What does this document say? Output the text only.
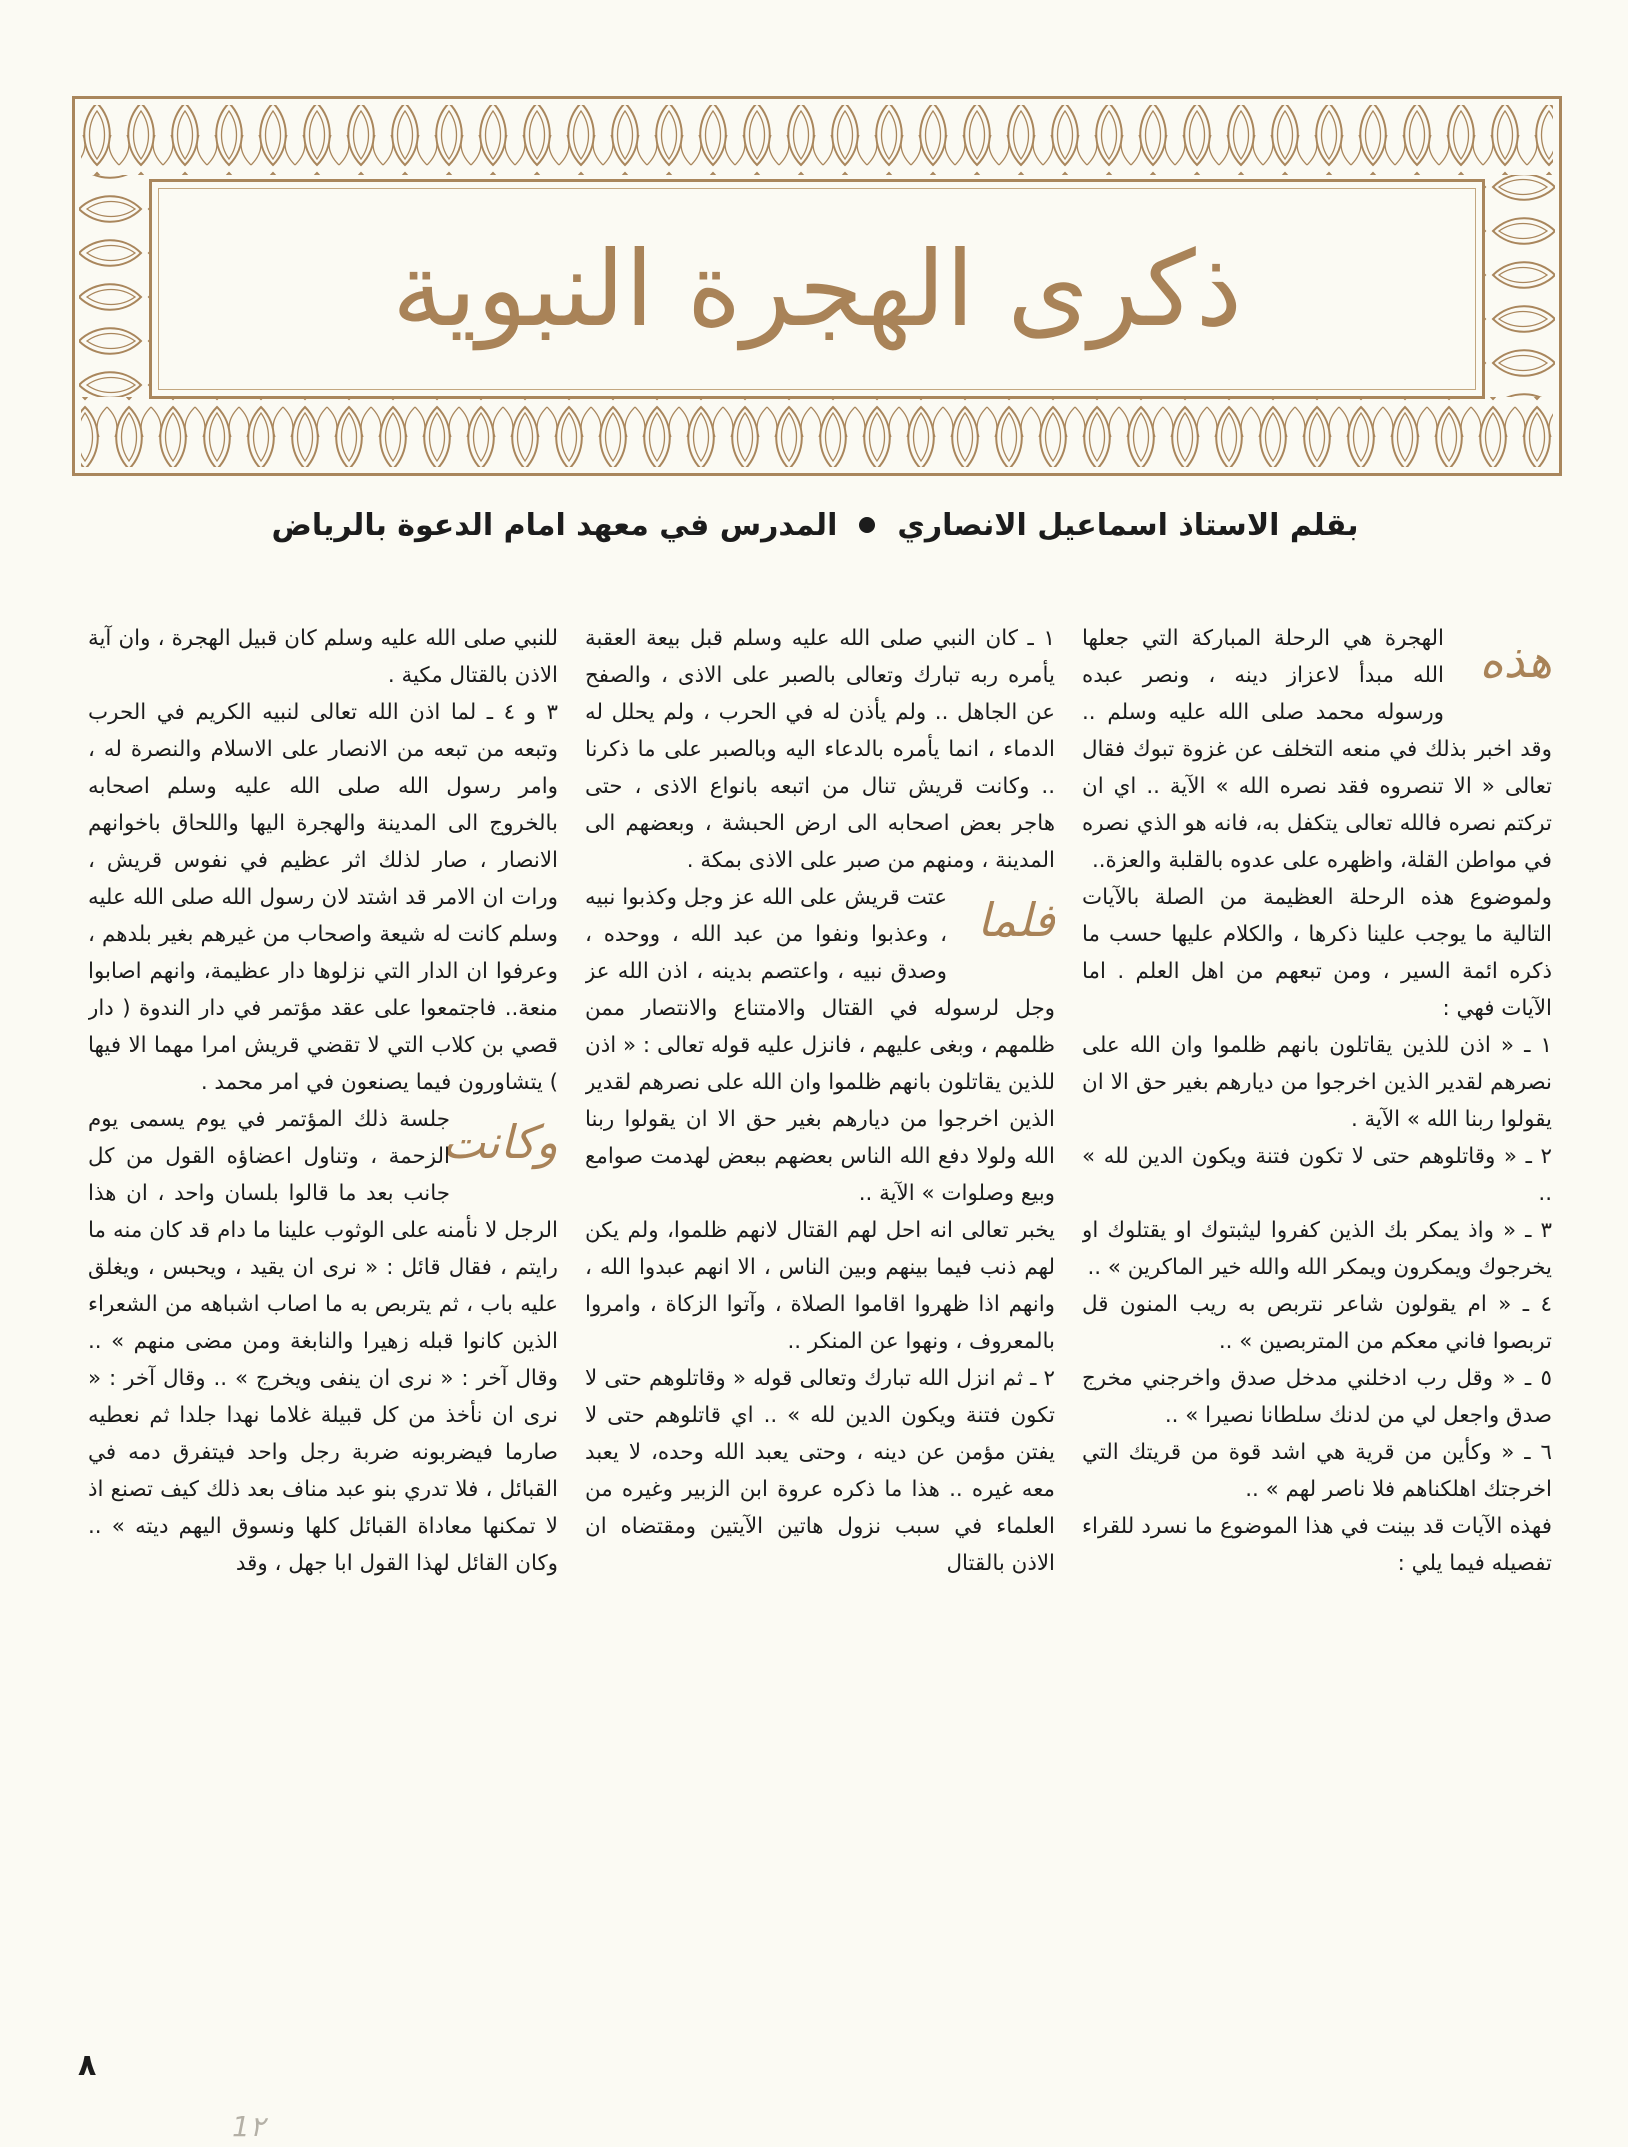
ذكرى الهجرة النبوية
بقلم الاستاذ اسماعيل الانصاري
المدرس في معهد امام الدعوة بالرياض

هذه
الهجرة هي الرحلة المباركة التي جعلها الله مبدأ لاعزاز دينه ، ونصر عبده ورسوله محمد صلى الله عليه وسلم .. وقد اخبر بذلك في منعه التخلف عن غزوة تبوك فقال تعالى « الا تنصروه فقد نصره الله » الآية .. اي ان تركتم نصره فالله تعالى يتكفل به، فانه هو الذي نصره في مواطن القلة، واظهره على عدوه بالقلبة والعزة..

ولموضوع هذه الرحلة العظيمة من الصلة بالآيات التالية ما يوجب علينا ذكرها ، والكلام عليها حسب ما ذكره ائمة السير ، ومن تبعهم من اهل العلم . اما الآيات فهي :

١ ـ « اذن للذين يقاتلون بانهم ظلموا وان الله على نصرهم لقدير الذين اخرجوا من ديارهم بغير حق الا ان يقولوا ربنا الله » الآية .

٢ ـ « وقاتلوهم حتى لا تكون فتنة ويكون الدين لله » ..

٣ ـ « واذ يمكر بك الذين كفروا ليثبتوك او يقتلوك او يخرجوك ويمكرون ويمكر الله والله خير الماكرين » ..

٤ ـ « ام يقولون شاعر نتربص به ريب المنون قل تربصوا فاني معكم من المتربصين » ..

٥ ـ « وقل رب ادخلني مدخل صدق واخرجني مخرج صدق واجعل لي من لدنك سلطانا نصيرا » ..

٦ ـ « وكأين من قرية هي اشد قوة من قريتك التي اخرجتك اهلكناهم فلا ناصر لهم » ..

فهذه الآيات قد بينت في هذا الموضوع ما نسرد للقراء تفصيله فيما يلي :

١ ـ كان النبي صلى الله عليه وسلم قبل بيعة العقبة يأمره ربه تبارك وتعالى بالصبر على الاذى ، والصفح عن الجاهل .. ولم يأذن له في الحرب ، ولم يحلل له الدماء ، انما يأمره بالدعاء اليه وبالصبر على ما ذكرنا .. وكانت قريش تنال من اتبعه بانواع الاذى ، حتى هاجر بعض اصحابه الى ارض الحبشة ، وبعضهم الى المدينة ، ومنهم من صبر على الاذى بمكة .

فلما
عتت قريش على الله عز وجل وكذبوا نبيه ، وعذبوا ونفوا من عبد الله ، ووحده ، وصدق نبيه ، واعتصم بدينه ، اذن الله عز وجل لرسوله في القتال والامتناع والانتصار ممن ظلمهم ، وبغى عليهم ، فانزل عليه قوله تعالى : « اذن للذين يقاتلون بانهم ظلموا وان الله على نصرهم لقدير الذين اخرجوا من ديارهم بغير حق الا ان يقولوا ربنا الله ولولا دفع الله الناس بعضهم ببعض لهدمت صوامع وبيع وصلوات » الآية ..

يخبر تعالى انه احل لهم القتال لانهم ظلموا، ولم يكن لهم ذنب فيما بينهم وبين الناس ، الا انهم عبدوا الله ، وانهم اذا ظهروا اقاموا الصلاة ، وآتوا الزكاة ، وامروا بالمعروف ، ونهوا عن المنكر ..

٢ ـ ثم انزل الله تبارك وتعالى قوله « وقاتلوهم حتى لا تكون فتنة ويكون الدين لله » .. اي قاتلوهم حتى لا يفتن مؤمن عن دينه ، وحتى يعبد الله وحده، لا يعبد معه غيره .. هذا ما ذكره عروة ابن الزبير وغيره من العلماء في سبب نزول هاتين الآيتين ومقتضاه ان الاذن بالقتال

للنبي صلى الله عليه وسلم كان قبيل الهجرة ، وان آية الاذن بالقتال مكية .

٣ و ٤ ـ لما اذن الله تعالى لنبيه الكريم في الحرب وتبعه من تبعه من الانصار على الاسلام والنصرة له ، وامر رسول الله صلى الله عليه وسلم اصحابه بالخروج الى المدينة والهجرة اليها واللحاق باخوانهم الانصار ، صار لذلك اثر عظيم في نفوس قريش ، ورات ان الامر قد اشتد لان رسول الله صلى الله عليه وسلم كانت له شيعة واصحاب من غيرهم بغير بلدهم ، وعرفوا ان الدار التي نزلوها دار عظيمة، وانهم اصابوا منعة.. فاجتمعوا على عقد مؤتمر في دار الندوة ( دار قصي بن كلاب التي لا تقضي قريش امرا مهما الا فيها ) يتشاورون فيما يصنعون في امر محمد .

وكانت
جلسة ذلك المؤتمر في يوم يسمى يوم الزحمة ، وتناول اعضاؤه القول من كل جانب بعد ما قالوا بلسان واحد ، ان هذا الرجل لا نأمنه على الوثوب علينا ما دام قد كان منه ما رايتم ، فقال قائل : « نرى ان يقيد ، ويحبس ، ويغلق عليه باب ، ثم يتربص به ما اصاب اشباهه من الشعراء الذين كانوا قبله زهيرا والنابغة ومن مضى منهم » .. وقال آخر : « نرى ان ينفى ويخرج » .. وقال آخر : « نرى ان نأخذ من كل قبيلة غلاما نهدا جلدا ثم نعطيه صارما فيضربونه ضربة رجل واحد فيتفرق دمه في القبائل ، فلا تدري بنو عبد مناف بعد ذلك كيف تصنع اذ لا تمكنها معاداة القبائل كلها ونسوق اليهم ديته » .. وكان القائل لهذا القول ابا جهل ، وقد

٨
1٢
